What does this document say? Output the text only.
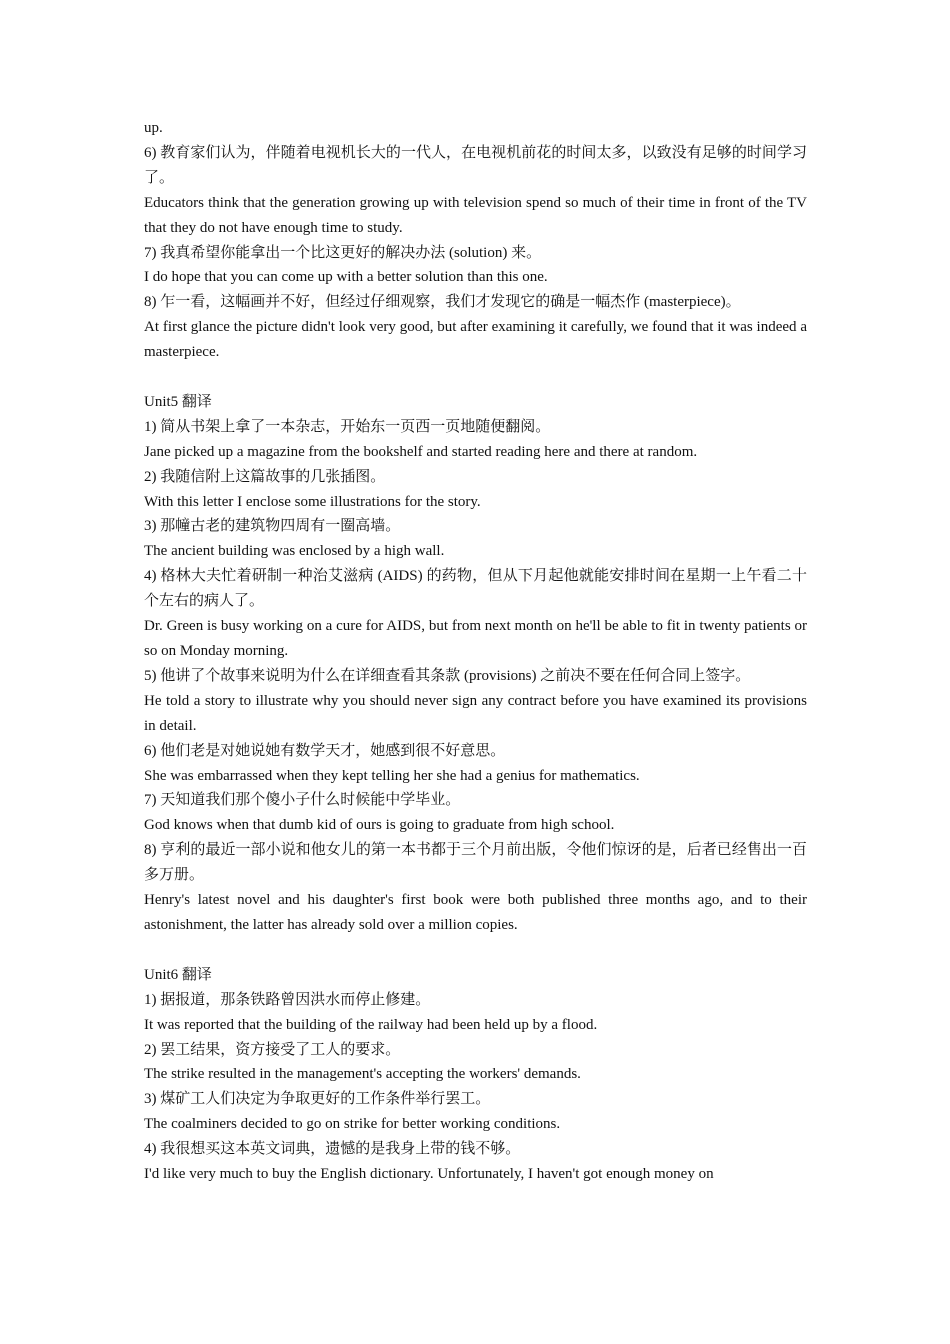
up.

6) 教育家们认为，伴随着电视机长大的一代人，在电视机前花的时间太多，以致没有足够的时间学习了。

Educators think that the generation growing up with television spend so much of their time in front of the TV that they do not have enough time to study.

7) 我真希望你能拿出一个比这更好的解决办法 (solution) 来。

I do hope that you can come up with a better solution than this one.

8) 乍一看，这幅画并不好，但经过仔细观察，我们才发现它的确是一幅杰作 (masterpiece)。

At first glance the picture didn't look very good, but after examining it carefully, we found that it was indeed a masterpiece.

Unit5 翻译

1) 简从书架上拿了一本杂志，开始东一页西一页地随便翻阅。

Jane picked up a magazine from the bookshelf and started reading here and there at random.

2) 我随信附上这篇故事的几张插图。

With this letter I enclose some illustrations for the story.

3) 那幢古老的建筑物四周有一圈高墙。

The ancient building was enclosed by a high wall.

4) 格林大夫忙着研制一种治艾滋病 (AIDS) 的药物，但从下月起他就能安排时间在星期一上午看二十个左右的病人了。

Dr. Green is busy working on a cure for AIDS, but from next month on he'll be able to fit in twenty patients or so on Monday morning.

5) 他讲了个故事来说明为什么在详细查看其条款 (provisions) 之前决不要在任何合同上签字。

He told a story to illustrate why you should never sign any contract before you have examined its provisions in detail.

6) 他们老是对她说她有数学天才，她感到很不好意思。

She was embarrassed when they kept telling her she had a genius for mathematics.

7) 天知道我们那个傻小子什么时候能中学毕业。

God knows when that dumb kid of ours is going to graduate from high school.

8) 亨利的最近一部小说和他女儿的第一本书都于三个月前出版，令他们惊讶的是，后者已经售出一百多万册。

Henry's latest novel and his daughter's first book were both published three months ago, and to their astonishment, the latter has already sold over a million copies.

Unit6 翻译

1) 据报道，那条铁路曾因洪水而停止修建。

It was reported that the building of the railway had been held up by a flood.

2) 罢工结果，资方接受了工人的要求。

The strike resulted in the management's accepting the workers' demands.

3) 煤矿工人们决定为争取更好的工作条件举行罢工。

The coalminers decided to go on strike for better working conditions.

4) 我很想买这本英文词典，遗憾的是我身上带的钱不够。

I'd like very much to buy the English dictionary. Unfortunately, I haven't got enough money on
